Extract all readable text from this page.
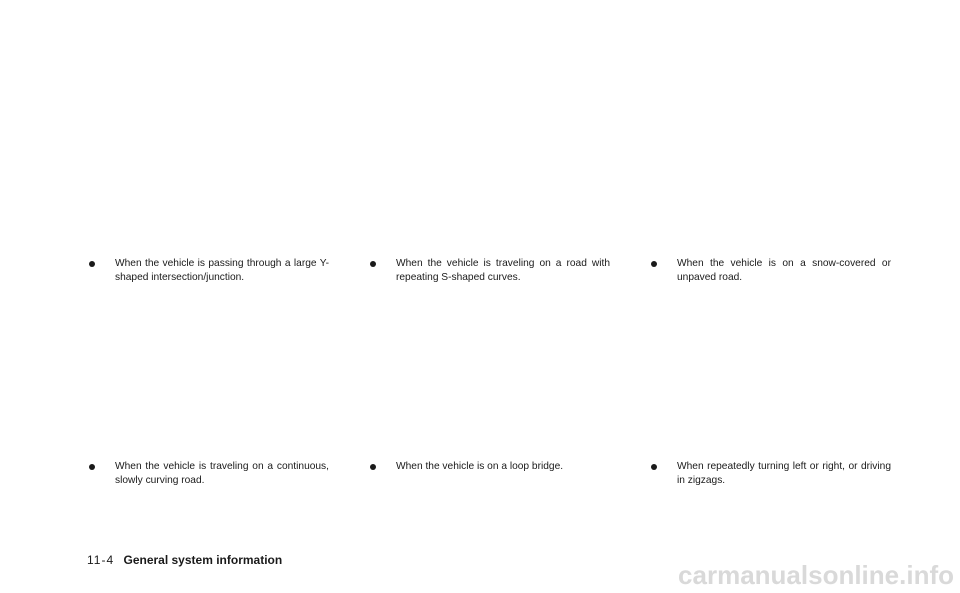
When the vehicle is passing through a large Y-shaped intersection/junction.
When the vehicle is traveling on a road with repeating S-shaped curves.
When the vehicle is on a snow-covered or unpaved road.
When the vehicle is traveling on a continuous, slowly curving road.
When the vehicle is on a loop bridge.	When repeatedly turning left or right, or driving in zigzags.
11-4 General system information	carmanualsonline.info
